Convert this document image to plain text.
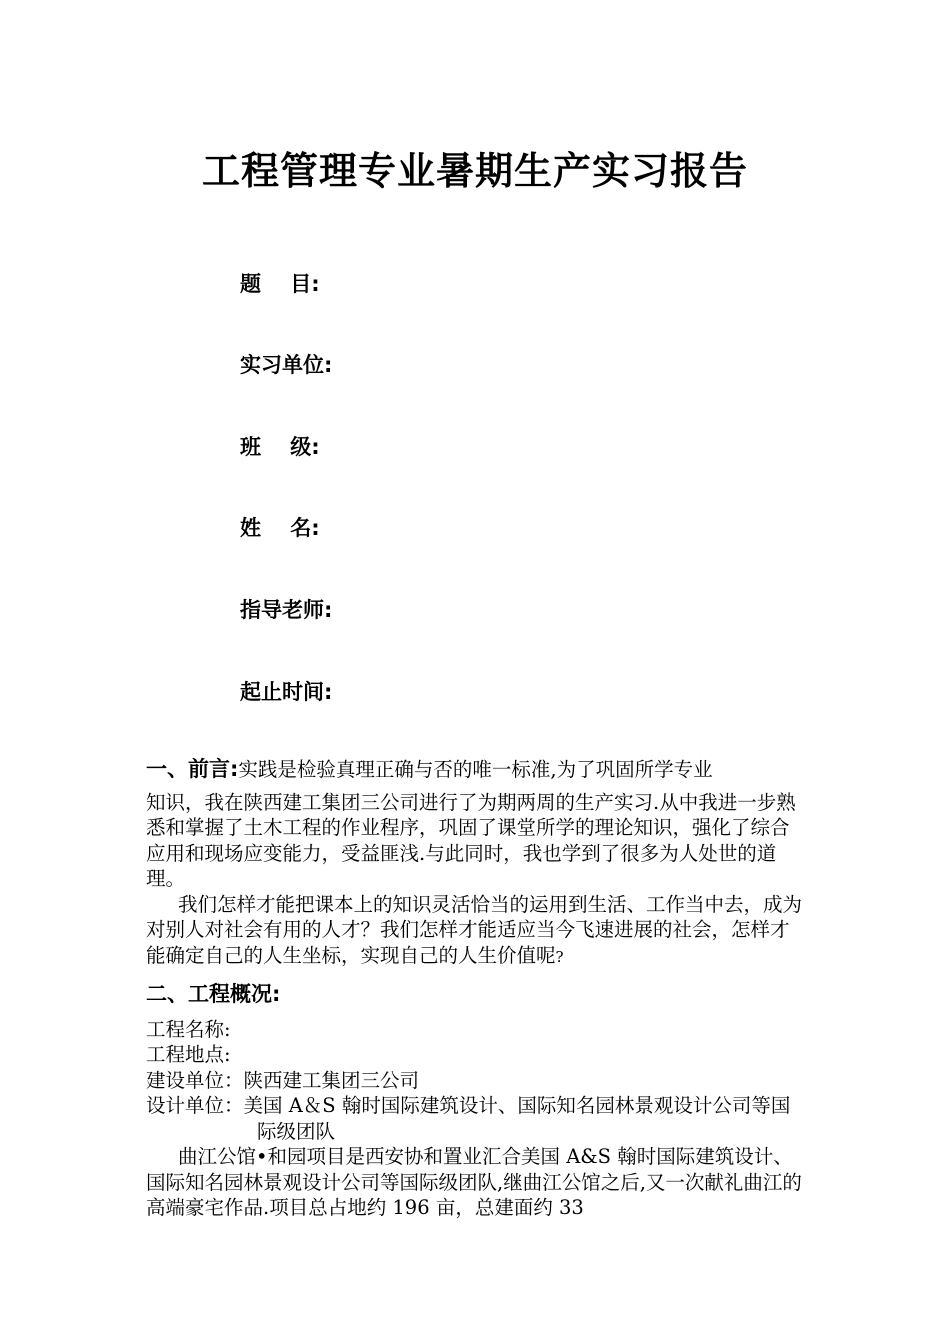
工程管理专业暑期生产实习报告
题    目:
实习单位:
班    级:
姓    名:
指导老师:
起止时间:

一、前言:实践是检验真理正确与否的唯一标准,为了巩固所学专业

知识，我在陕西建工集团三公司进行了为期两周的生产实习.从中我进一步熟悉和掌握了土木工程的作业程序，巩固了课堂所学的理论知识，强化了综合应用和现场应变能力，受益匪浅.与此同时，我也学到了很多为人处世的道理。

我们怎样才能把课本上的知识灵活恰当的运用到生活、工作当中去，成为对别人对社会有用的人才？我们怎样才能适应当今飞速进展的社会，怎样才能确定自己的人生坐标，实现自己的人生价值呢?

二、工程概况:

工程名称:

工程地点:

建设单位：陕西建工集团三公司

设计单位：美国 A＆S 翰时国际建筑设计、国际知名园林景观设计公司等国际级团队

曲江公馆•和园项目是西安协和置业汇合美国 A&S 翰时国际建筑设计、国际知名园林景观设计公司等国际级团队,继曲江公馆之后,又一次献礼曲江的高端豪宅作品.项目总占地约 196 亩，总建面约 33
